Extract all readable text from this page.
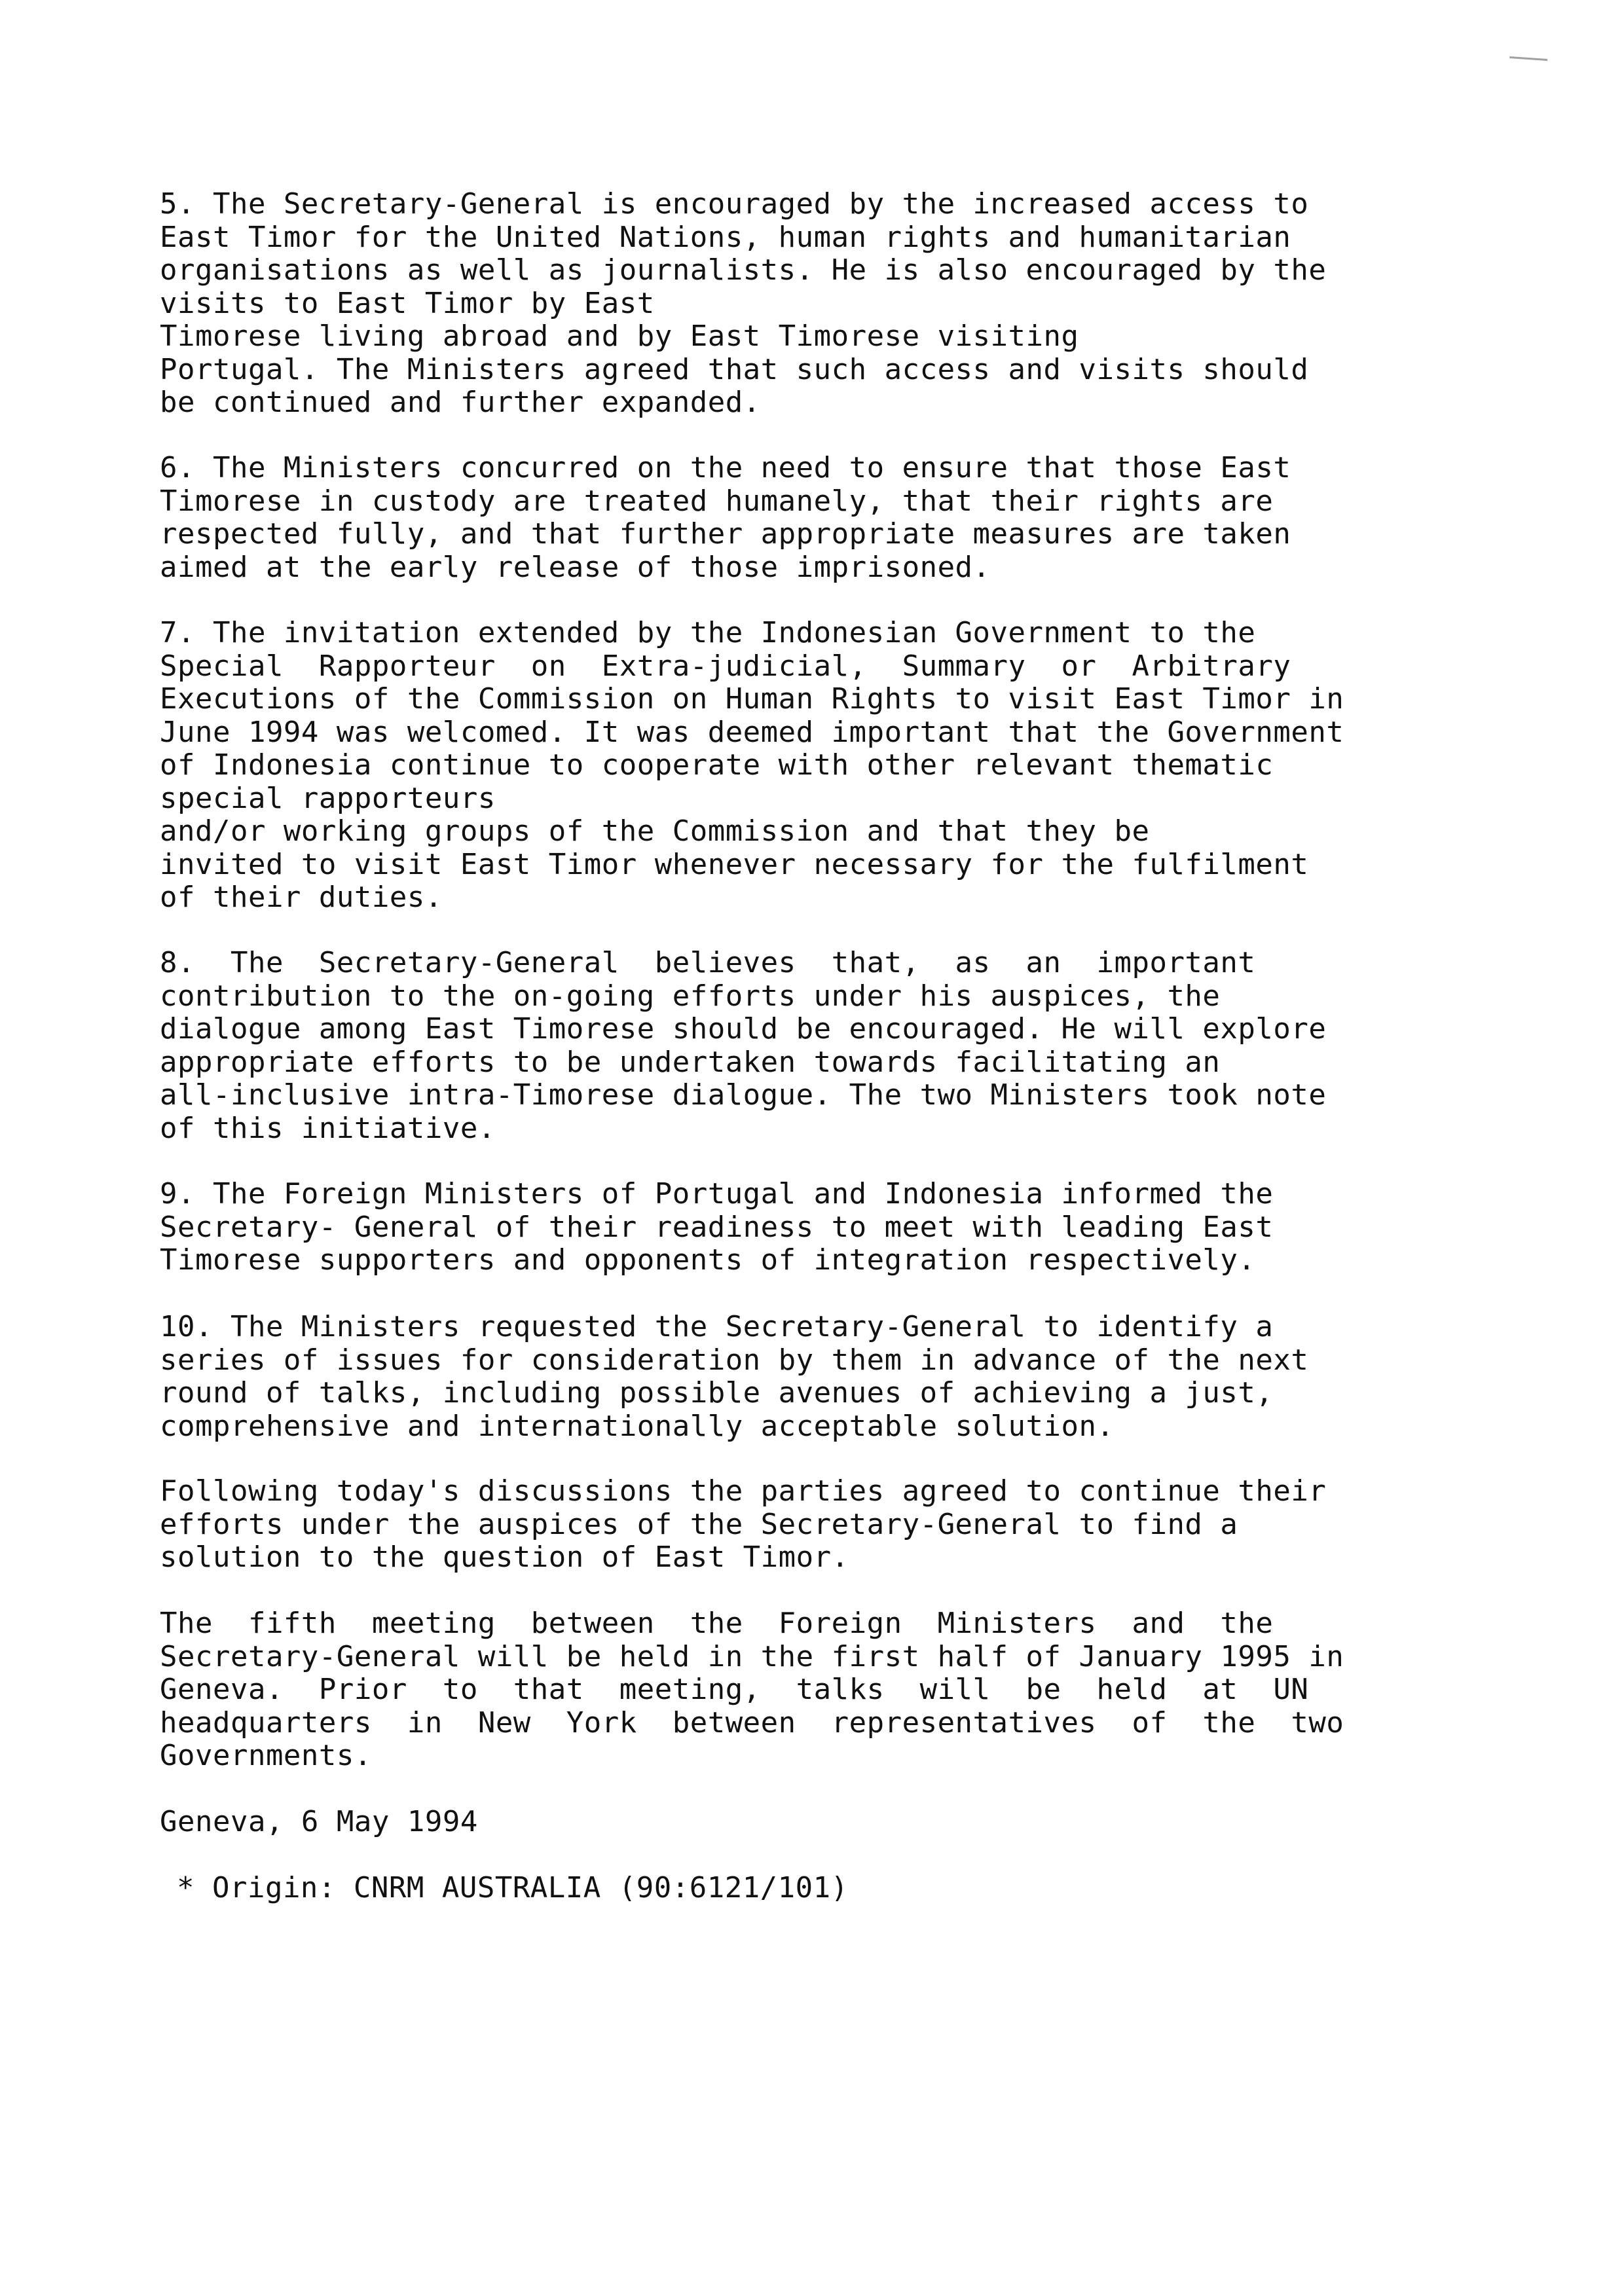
5. The Secretary-General is encouraged by the increased access to
East Timor for the United Nations, human rights and humanitarian
organisations as well as journalists. He is also encouraged by the
visits to East Timor by East
Timorese living abroad and by East Timorese visiting
Portugal. The Ministers agreed that such access and visits should
be continued and further expanded.

6. The Ministers concurred on the need to ensure that those East
Timorese in custody are treated humanely, that their rights are
respected fully, and that further appropriate measures are taken
aimed at the early release of those imprisoned.

7. The invitation extended by the Indonesian Government to the
Special  Rapporteur  on  Extra-judicial,  Summary  or  Arbitrary
Executions of the Commission on Human Rights to visit East Timor in
June 1994 was welcomed. It was deemed important that the Government
of Indonesia continue to cooperate with other relevant thematic
special rapporteurs
and/or working groups of the Commission and that they be
invited to visit East Timor whenever necessary for the fulfilment
of their duties.

8.  The  Secretary-General  believes  that,  as  an  important
contribution to the on-going efforts under his auspices, the
dialogue among East Timorese should be encouraged. He will explore
appropriate efforts to be undertaken towards facilitating an
all-inclusive intra-Timorese dialogue. The two Ministers took note
of this initiative.

9. The Foreign Ministers of Portugal and Indonesia informed the
Secretary- General of their readiness to meet with leading East
Timorese supporters and opponents of integration respectively.

10. The Ministers requested the Secretary-General to identify a
series of issues for consideration by them in advance of the next
round of talks, including possible avenues of achieving a just,
comprehensive and internationally acceptable solution.

Following today's discussions the parties agreed to continue their
efforts under the auspices of the Secretary-General to find a
solution to the question of East Timor.

The  fifth  meeting  between  the  Foreign  Ministers  and  the
Secretary-General will be held in the first half of January 1995 in
Geneva.  Prior  to  that  meeting,  talks  will  be  held  at  UN
headquarters  in  New  York  between  representatives  of  the  two
Governments.

Geneva, 6 May 1994

* Origin: CNRM AUSTRALIA (90:6121/101)
